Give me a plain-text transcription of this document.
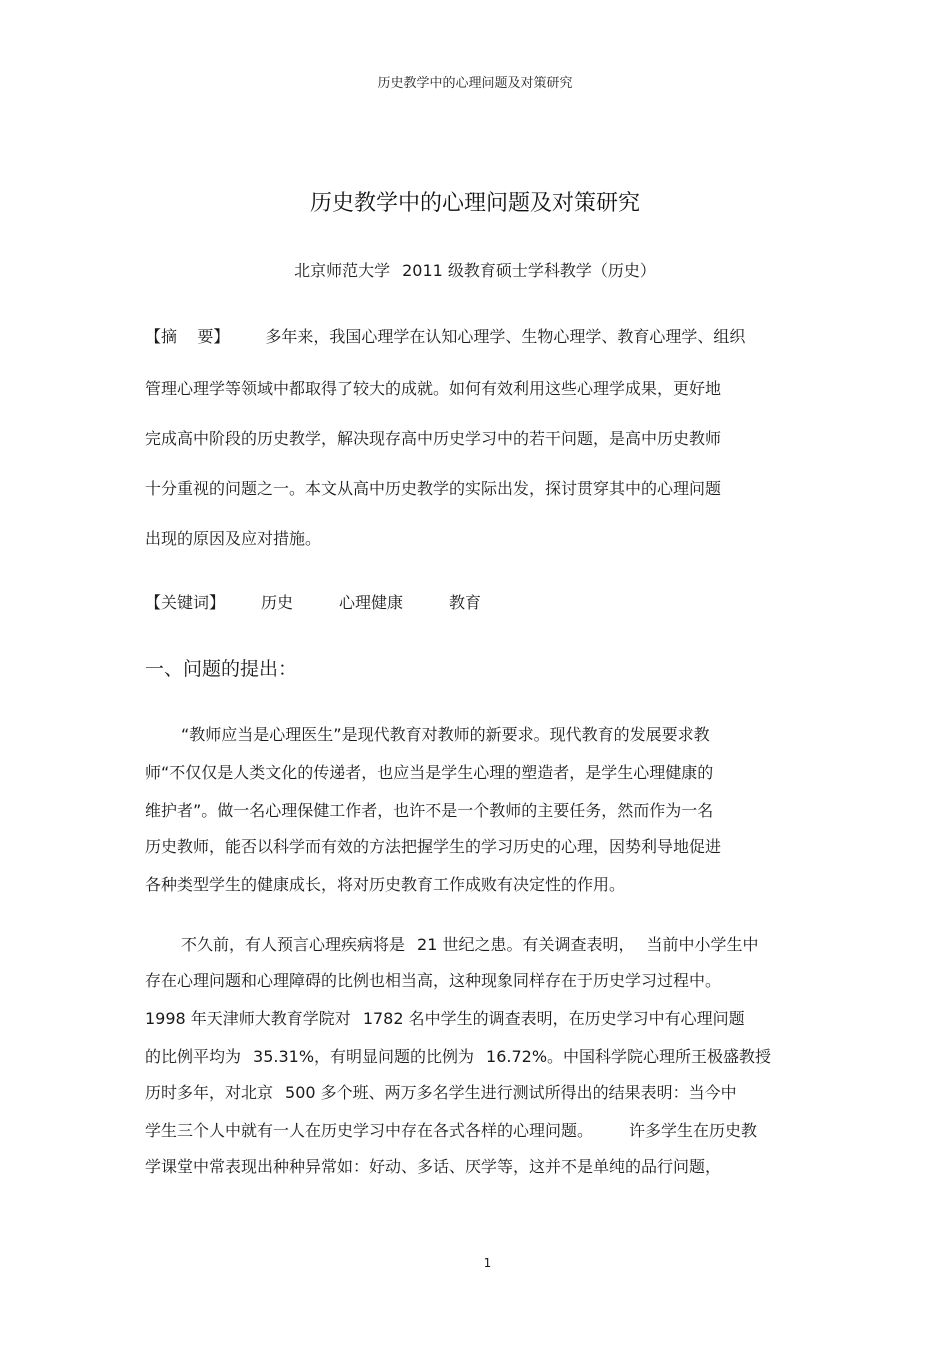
历史教学中的心理问题及对策研究
历史教学中的心理问题及对策研究
北京师范大学 2011 级教育硕士学科教学（历史）
【摘    要】 多年来，我国心理学在认知心理学、生物心理学、教育心理学、组织
管理心理学等领域中都取得了较大的成就。如何有效利用这些心理学成果，更好地
完成高中阶段的历史教学，解决现存高中历史学习中的若干问题，是高中历史教师
十分重视的问题之一。本文从高中历史教学的实际出发，探讨贯穿其中的心理问题
出现的原因及应对措施。
【关键词】 历史	心理健康	教育
一、问题的提出：
“教师应当是心理医生”是现代教育对教师的新要求。现代教育的发展要求教
师“不仅仅是人类文化的传递者，也应当是学生心理的塑造者，是学生心理健康的
维护者”。做一名心理保健工作者，也许不是一个教师的主要任务，然而作为一名
历史教师，能否以科学而有效的方法把握学生的学习历史的心理，因势利导地促进
各种类型学生的健康成长，将对历史教育工作成败有决定性的作用。
不久前，有人预言心理疾病将是 21 世纪之患。有关调查表明， 当前中小学生中
存在心理问题和心理障碍的比例也相当高，这种现象同样存在于历史学习过程中。
1998 年天津师大教育学院对 1782 名中学生的调查表明，在历史学习中有心理问题
的比例平均为 35.31%，有明显问题的比例为 16.72%。中国科学院心理所王极盛教授
历时多年，对北京 500 多个班、两万多名学生进行测试所得出的结果表明：当今中
学生三个人中就有一人在历史学习中存在各式各样的心理问题。 许多学生在历史教
学课堂中常表现出种种异常如：好动、多话、厌学等，这并不是单纯的品行问题，
1
